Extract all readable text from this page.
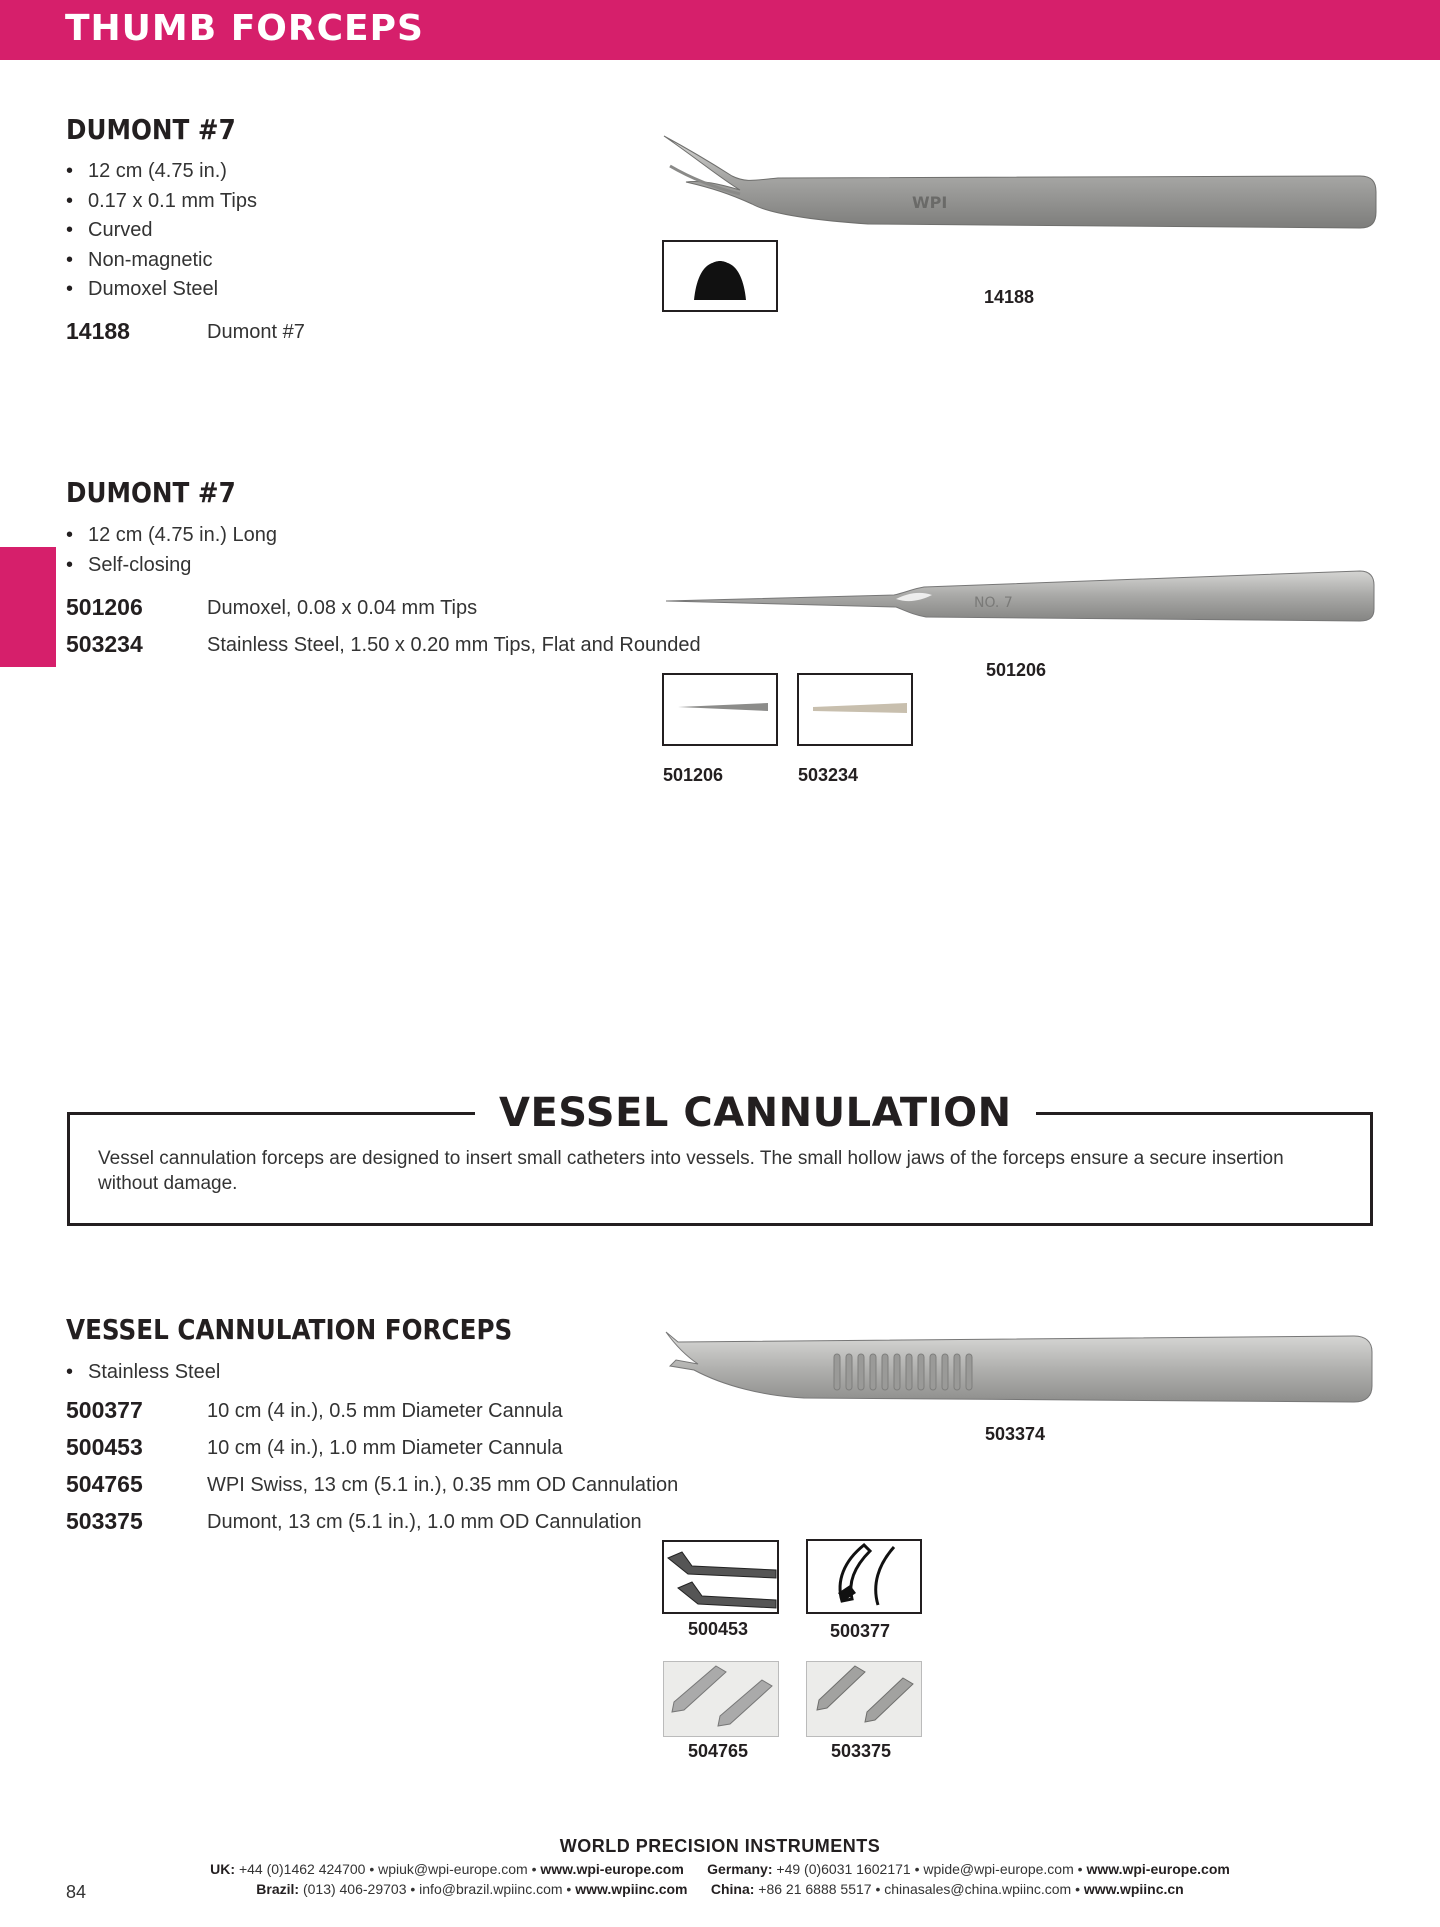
THUMB FORCEPS
DUMONT #7
• 12 cm (4.75 in.)
• 0.17 x 0.1 mm Tips
• Curved
• Non-magnetic
• Dumoxel Steel
14188	Dumont #7
WPI
14188
DUMONT #7
• 12 cm (4.75 in.) Long
• Self-closing
501206	Dumoxel, 0.08 x 0.04 mm Tips
503234	Stainless Steel, 1.50 x 0.20 mm Tips, Flat and Rounded
NO. 7
501206
501206	503234
VESSEL CANNULATION
Vessel cannulation forceps are designed to insert small catheters into vessels. The small hollow jaws of the forceps ensure a secure insertion without damage.
VESSEL CANNULATION FORCEPS
• Stainless Steel
500377	10 cm (4 in.), 0.5 mm Diameter Cannula
500453	10 cm (4 in.), 1.0 mm Diameter Cannula
504765	WPI Swiss, 13 cm (5.1 in.), 0.35 mm OD Cannulation
503375	Dumont, 13 cm (5.1 in.), 1.0 mm OD Cannulation
503374
500453	500377
504765	503375
WORLD PRECISION INSTRUMENTS
UK: +44 (0)1462 424700 • wpiuk@wpi-europe.com • www.wpi-europe.com Germany: +49 (0)6031 1602171 • wpide@wpi-europe.com • www.wpi-europe.com
Brazil: (013) 406-29703 • info@brazil.wpiinc.com • www.wpiinc.com China: +86 21 6888 5517 • chinasales@china.wpiinc.com • www.wpiinc.cn
84
